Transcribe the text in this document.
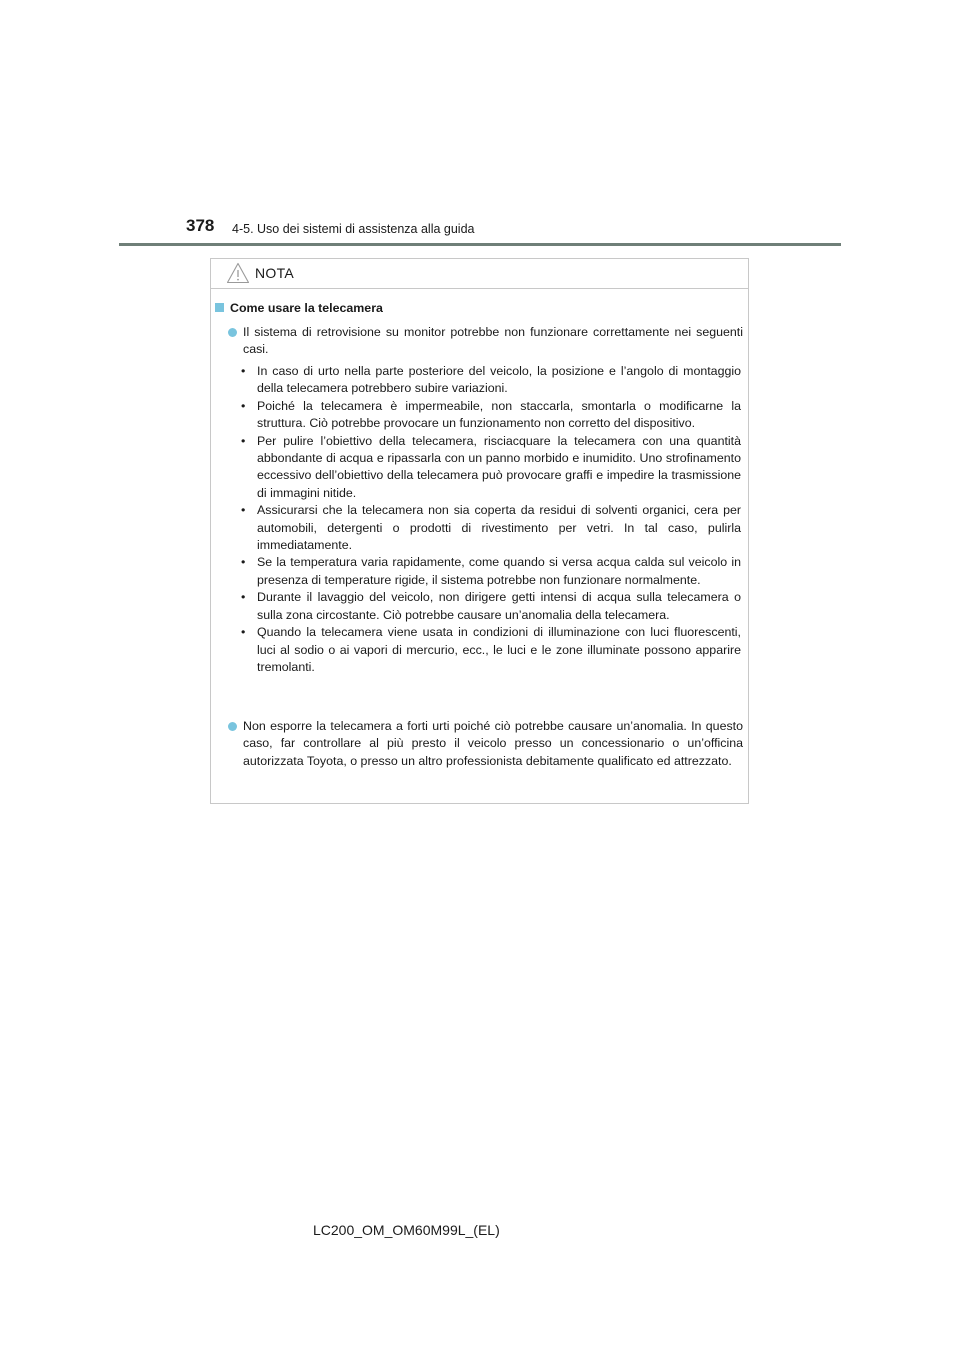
378 4-5. Uso dei sistemi di assistenza alla guida
NOTA
Come usare la telecamera
Il sistema di retrovisione su monitor potrebbe non funzionare correttamente nei seguenti casi.
• In caso di urto nella parte posteriore del veicolo, la posizione e l’angolo di montaggio della telecamera potrebbero subire variazioni.
• Poiché la telecamera è impermeabile, non staccarla, smontarla o modificarne la struttura. Ciò potrebbe provocare un funzionamento non corretto del dispositivo.
• Per pulire l’obiettivo della telecamera, risciacquare la telecamera con una quantità abbondante di acqua e ripassarla con un panno morbido e inumidito. Uno strofinamento eccessivo dell’obiettivo della telecamera può provocare graffi e impedire la trasmissione di immagini nitide.
• Assicurarsi che la telecamera non sia coperta da residui di solventi organici, cera per automobili, detergenti o prodotti di rivestimento per vetri. In tal caso, pulirla immediatamente.
• Se la temperatura varia rapidamente, come quando si versa acqua calda sul veicolo in presenza di temperature rigide, il sistema potrebbe non funzionare normalmente.
• Durante il lavaggio del veicolo, non dirigere getti intensi di acqua sulla telecamera o sulla zona circostante. Ciò potrebbe causare un’anomalia della telecamera.
• Quando la telecamera viene usata in condizioni di illuminazione con luci fluorescenti, luci al sodio o ai vapori di mercurio, ecc., le luci e le zone illuminate possono apparire tremolanti.
Non esporre la telecamera a forti urti poiché ciò potrebbe causare un’anomalia. In questo caso, far controllare al più presto il veicolo presso un concessionario o un’officina autorizzata Toyota, o presso un altro professionista debitamente qualificato ed attrezzato.
LC200_OM_OM60M99L_(EL)
